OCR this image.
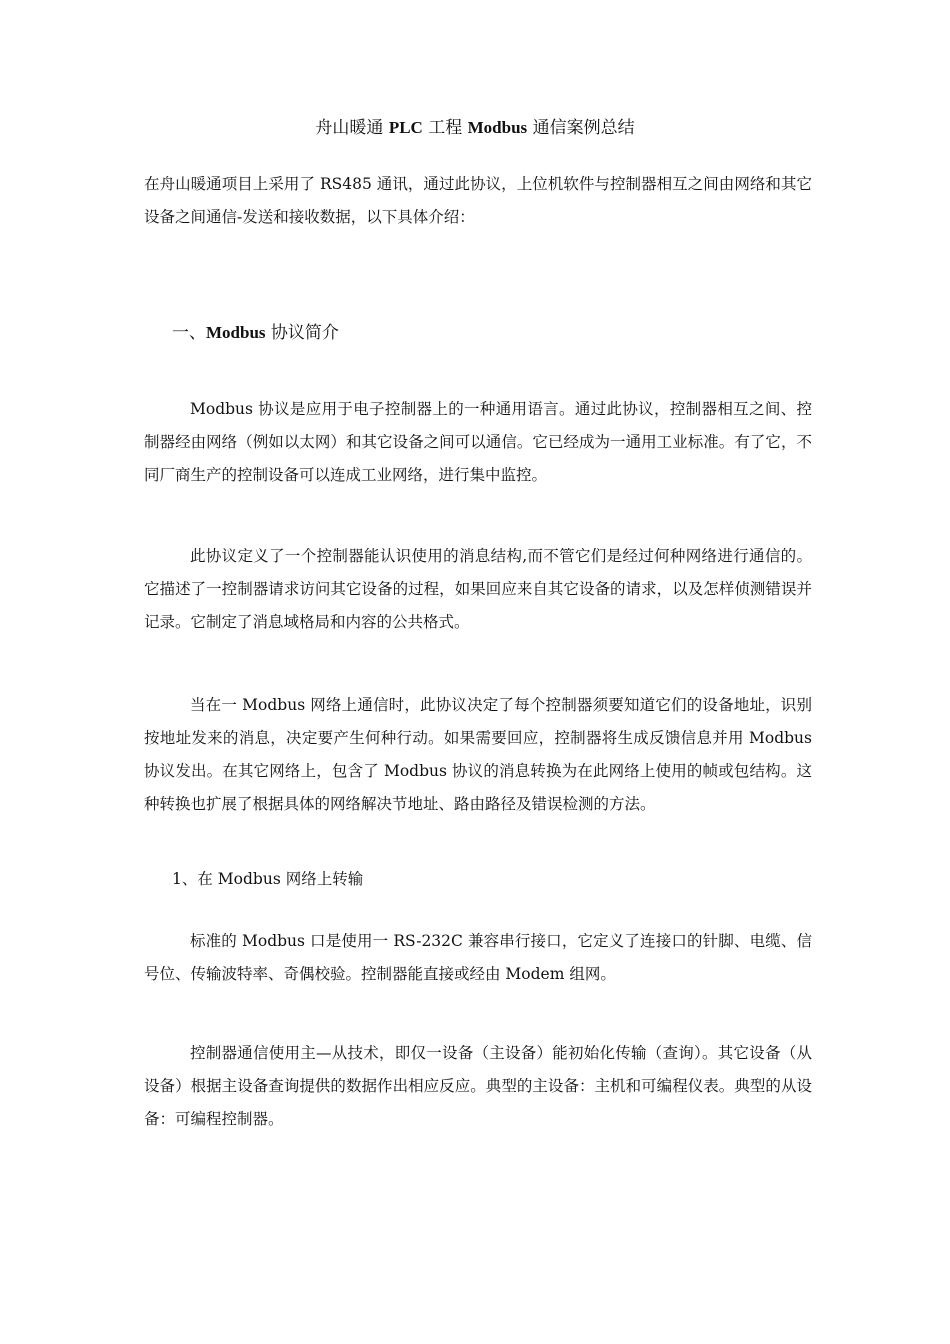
舟山暖通 PLC 工程 Modbus 通信案例总结

在舟山暖通项目上采用了 RS485 通讯，通过此协议，上位机软件与控制器相互之间由网络和其它设备之间通信-发送和接收数据，以下具体介绍：

一、Modbus 协议简介

Modbus 协议是应用于电子控制器上的一种通用语言。通过此协议，控制器相互之间、控制器经由网络（例如以太网）和其它设备之间可以通信。它已经成为一通用工业标准。有了它，不同厂商生产的控制设备可以连成工业网络，进行集中监控。

此协议定义了一个控制器能认识使用的消息结构,而不管它们是经过何种网络进行通信的。它描述了一控制器请求访问其它设备的过程，如果回应来自其它设备的请求，以及怎样侦测错误并记录。它制定了消息域格局和内容的公共格式。

当在一 Modbus 网络上通信时，此协议决定了每个控制器须要知道它们的设备地址，识别按地址发来的消息，决定要产生何种行动。如果需要回应，控制器将生成反馈信息并用 Modbus 协议发出。在其它网络上，包含了 Modbus 协议的消息转换为在此网络上使用的帧或包结构。这种转换也扩展了根据具体的网络解决节地址、路由路径及错误检测的方法。

1、在 Modbus 网络上转输

标准的 Modbus 口是使用一 RS-232C 兼容串行接口，它定义了连接口的针脚、电缆、信号位、传输波特率、奇偶校验。控制器能直接或经由 Modem 组网。

控制器通信使用主—从技术，即仅一设备（主设备）能初始化传输（查询）。其它设备（从设备）根据主设备查询提供的数据作出相应反应。典型的主设备：主机和可编程仪表。典型的从设备：可编程控制器。
